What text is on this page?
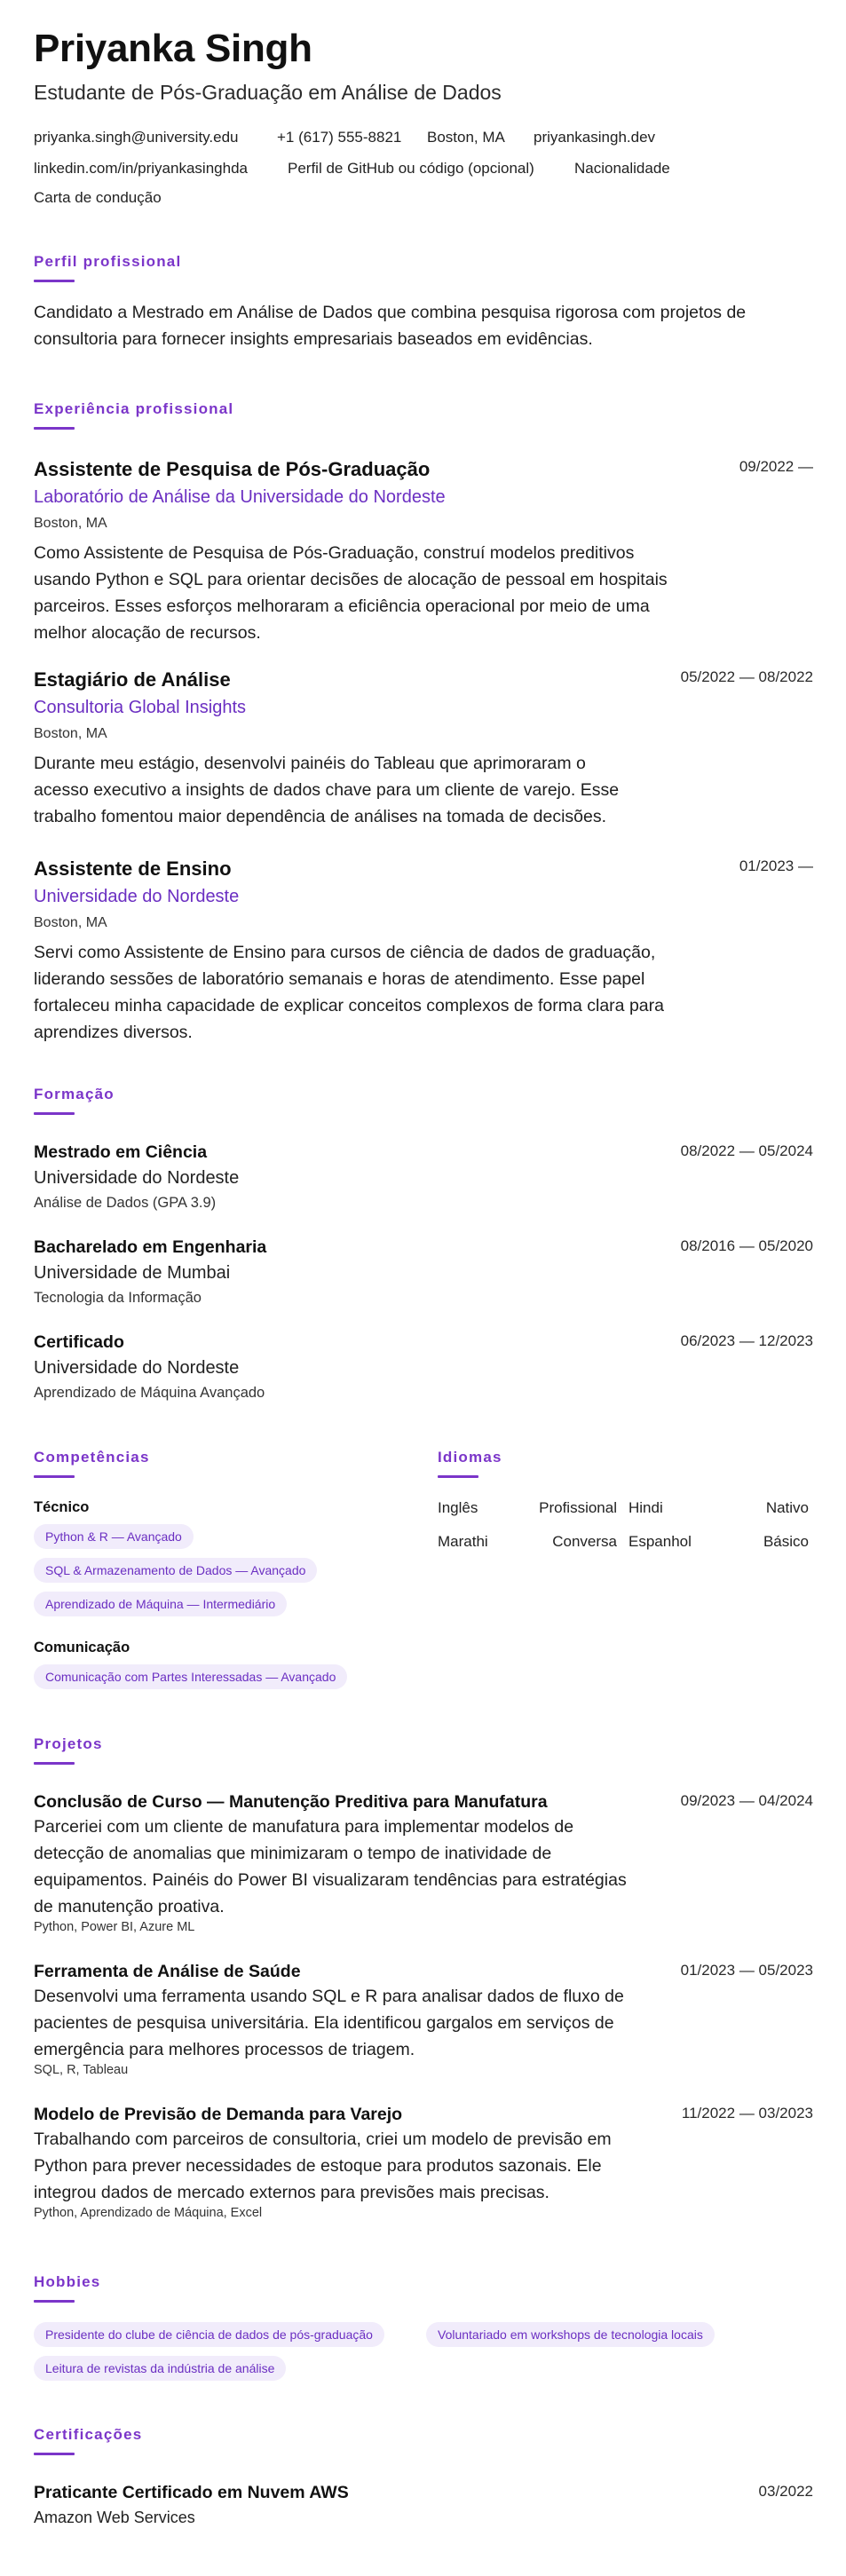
Priyanka Singh
Estudante de Pós-Graduação em Análise de Dados
priyanka.singh@university.edu	+1 (617) 555-8821 Boston, MA priyankasingh.dev
linkedin.com/in/priyankasinghda	Perfil de GitHub ou código (opcional)	Nacionalidade
Carta de condução
Perfil profissional
Candidato a Mestrado em Análise de Dados que combina pesquisa rigorosa com projetos de
consultoria para fornecer insights empresariais baseados em evidências.
Experiência profissional
Assistente de Pesquisa de Pós-Graduação	09/2022 —
Laboratório de Análise da Universidade do Nordeste
Boston, MA
Como Assistente de Pesquisa de Pós-Graduação, construí modelos preditivos
usando Python e SQL para orientar decisões de alocação de pessoal em hospitais
parceiros. Esses esforços melhoraram a eficiência operacional por meio de uma
melhor alocação de recursos.
Estagiário de Análise	05/2022 — 08/2022
Consultoria Global Insights
Boston, MA
Durante meu estágio, desenvolvi painéis do Tableau que aprimoraram o
acesso executivo a insights de dados chave para um cliente de varejo. Esse
trabalho fomentou maior dependência de análises na tomada de decisões.
Assistente de Ensino	01/2023 —
Universidade do Nordeste
Boston, MA
Servi como Assistente de Ensino para cursos de ciência de dados de graduação,
liderando sessões de laboratório semanais e horas de atendimento. Esse papel
fortaleceu minha capacidade de explicar conceitos complexos de forma clara para
aprendizes diversos.
Formação
Mestrado em Ciência	08/2022 — 05/2024
Universidade do Nordeste
Análise de Dados (GPA 3.9)
Bacharelado em Engenharia	08/2016 — 05/2020
Universidade de Mumbai
Tecnologia da Informação
Certificado	06/2023 — 12/2023
Universidade do Nordeste
Aprendizado de Máquina Avançado
Competências
Técnico
Python & R — Avançado
SQL & Armazenamento de Dados — Avançado
Aprendizado de Máquina — Intermediário
Comunicação
Comunicação com Partes Interessadas — Avançado
Idiomas
Inglês	Profissional Hindi	Nativo
Marathi	Conversa Espanhol	Básico
Projetos
Conclusão de Curso — Manutenção Preditiva para Manufatura	09/2023 — 04/2024
Parceriei com um cliente de manufatura para implementar modelos de
detecção de anomalias que minimizaram o tempo de inatividade de
equipamentos. Painéis do Power BI visualizaram tendências para estratégias
de manutenção proativa.
Python, Power BI, Azure ML
Ferramenta de Análise de Saúde	01/2023 — 05/2023
Desenvolvi uma ferramenta usando SQL e R para analisar dados de fluxo de
pacientes de pesquisa universitária. Ela identificou gargalos em serviços de
emergência para melhores processos de triagem.
SQL, R, Tableau
Modelo de Previsão de Demanda para Varejo	11/2022 — 03/2023
Trabalhando com parceiros de consultoria, criei um modelo de previsão em
Python para prever necessidades de estoque para produtos sazonais. Ele
integrou dados de mercado externos para previsões mais precisas.
Python, Aprendizado de Máquina, Excel
Hobbies
Presidente do clube de ciência de dados de pós-graduação	Voluntariado em workshops de tecnologia locais
Leitura de revistas da indústria de análise
Certificações
Praticante Certificado em Nuvem AWS	03/2022
Amazon Web Services
